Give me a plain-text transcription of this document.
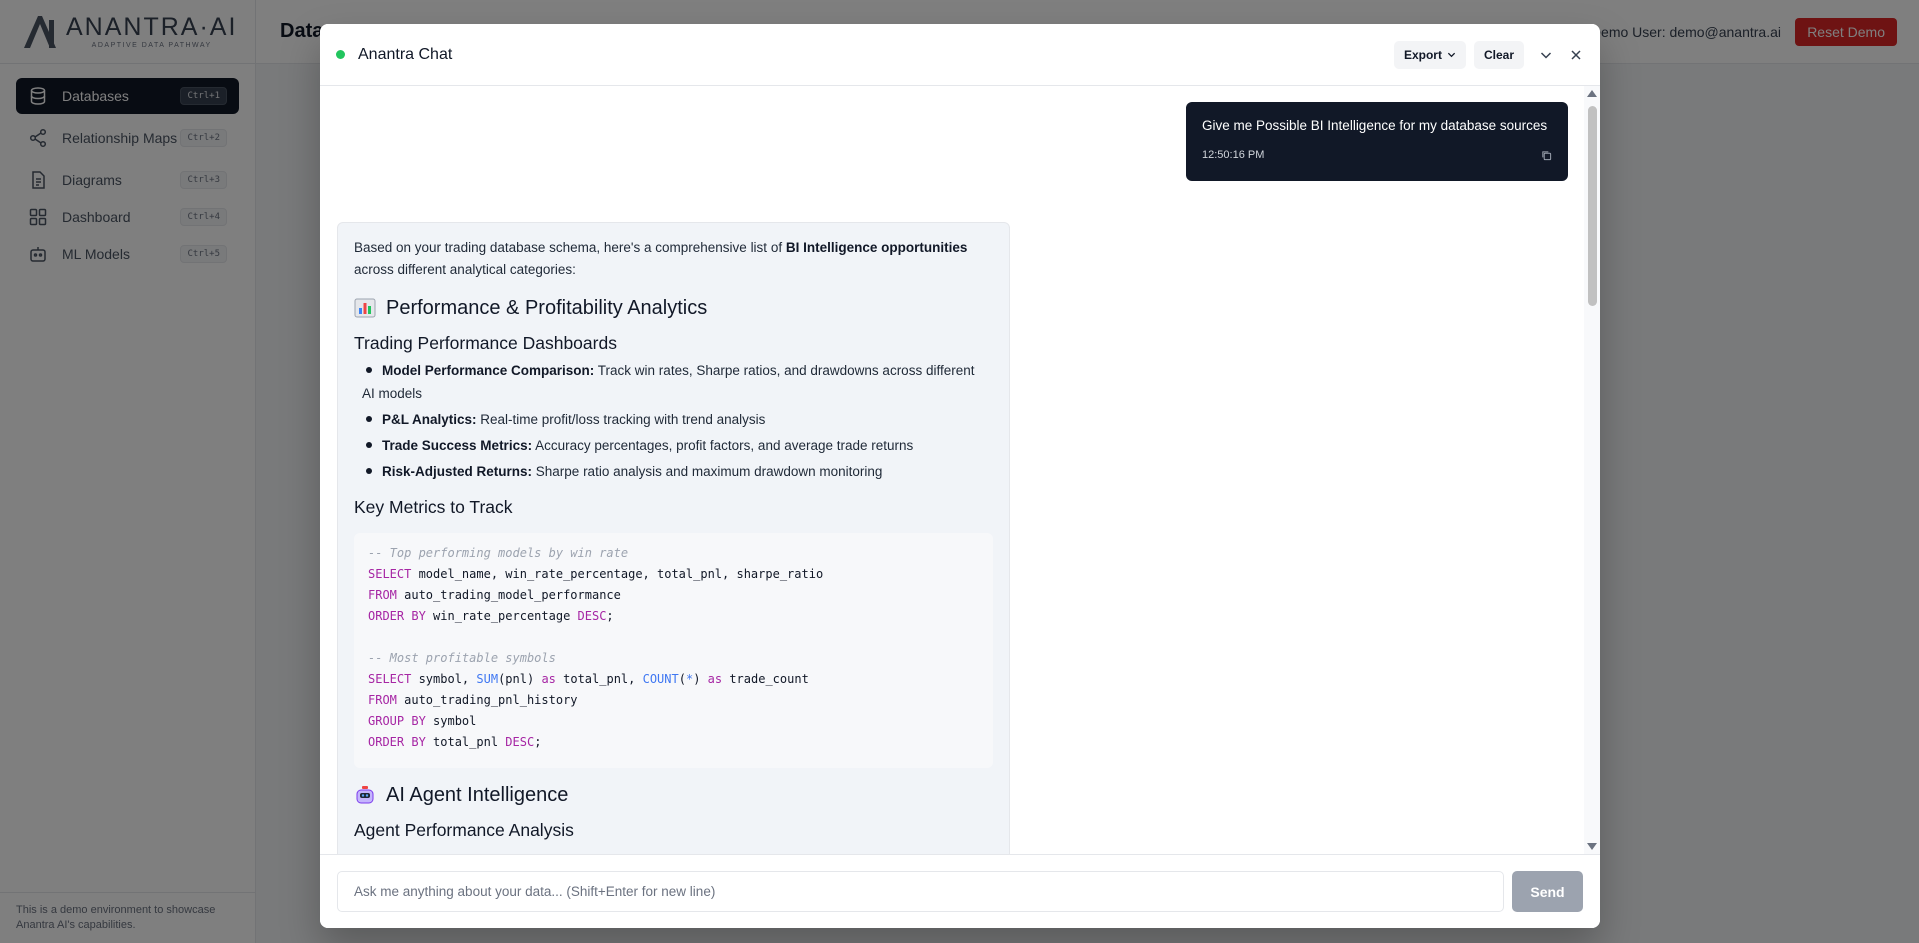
Anantra Chat	Export	Clear
Give me Possible BI Intelligence for my database sources
12:50:16 PM

Based on your trading database schema, here's a comprehensive list of BI Intelligence opportunities across different analytical categories:

Performance & Profitability Analytics
Trading Performance Dashboards
Model Performance Comparison: Track win rates, Sharpe ratios, and drawdowns across different
AI models
P&L Analytics: Real-time profit/loss tracking with trend analysis
Trade Success Metrics: Accuracy percentages, profit factors, and average trade returns
Risk-Adjusted Returns: Sharpe ratio analysis and maximum drawdown monitoring
Key Metrics to Track
-- Top performing models by win rate
SELECT model_name, win_rate_percentage, total_pnl, sharpe_ratio
FROM auto_trading_model_performance
ORDER BY win_rate_percentage DESC;
-- Most profitable symbols
SELECT symbol, SUM(pnl) as total_pnl, COUNT(*) as trade_count
FROM auto_trading_pnl_history
GROUP BY symbol
ORDER BY total_pnl DESC;
AI Agent Intelligence
Agent Performance Analysis
Ask me anything about your data... (Shift+Enter for new line)
Send
